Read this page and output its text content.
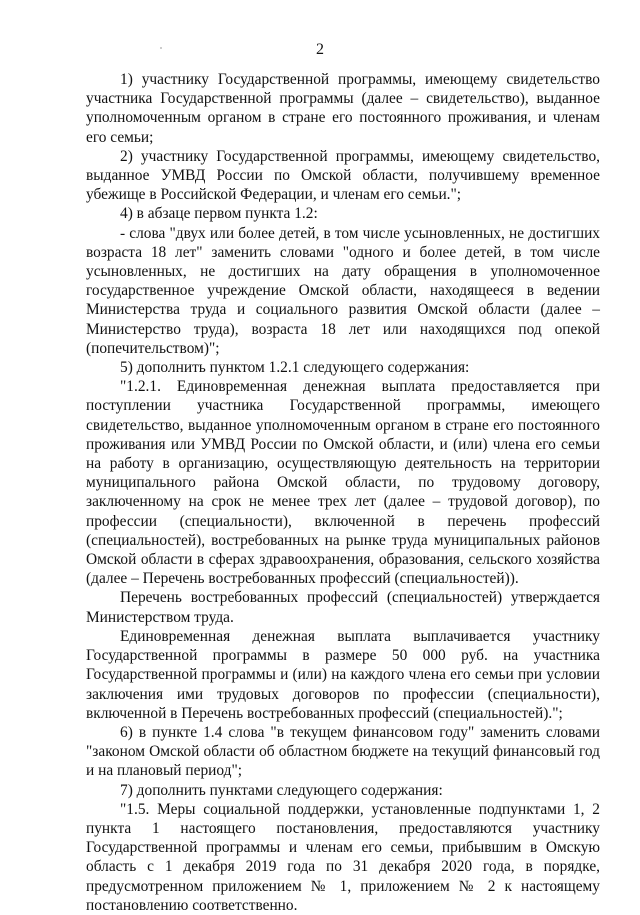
2

1) участнику Государственной программы, имеющему свидетельство участника Государственной программы (далее – свидетельство), выданное уполномоченным органом в стране его постоянного проживания, и членам его семьи;

2) участнику Государственной программы, имеющему свидетельство, выданное УМВД России по Омской области, получившему временное убежище в Российской Федерации, и членам его семьи.";

4) в абзаце первом пункта 1.2:

- слова "двух или более детей, в том числе усыновленных, не достигших возраста 18 лет" заменить словами "одного и более детей, в том числе усыновленных, не достигших на дату обращения в уполномоченное государственное учреждение Омской области, находящееся в ведении Министерства труда и социального развития Омской области (далее – Министерство труда), возраста 18 лет или находящихся под опекой (попечительством)";

5) дополнить пунктом 1.2.1 следующего содержания:

"1.2.1. Единовременная денежная выплата предоставляется при поступлении участника Государственной программы, имеющего свидетельство, выданное уполномоченным органом в стране его постоянного проживания или УМВД России по Омской области, и (или) члена его семьи на работу в организацию, осуществляющую деятельность на территории муниципального района Омской области, по трудовому договору, заключенному на срок не менее трех лет (далее – трудовой договор), по профессии (специальности), включенной в перечень профессий (специальностей), востребованных на рынке труда муниципальных районов Омской области в сферах здравоохранения, образования, сельского хозяйства (далее – Перечень востребованных профессий (специальностей)).

Перечень востребованных профессий (специальностей) утверждается Министерством труда.

Единовременная денежная выплата выплачивается участнику Государственной программы в размере 50 000 руб. на участника Государственной программы и (или) на каждого члена его семьи при условии заключения ими трудовых договоров по профессии (специальности), включенной в Перечень востребованных профессий (специальностей).";

6) в пункте 1.4 слова "в текущем финансовом году" заменить словами "законом Омской области об областном бюджете на текущий финансовый год и на плановый период";

7) дополнить пунктами следующего содержания:

"1.5. Меры социальной поддержки, установленные подпунктами 1, 2 пункта 1 настоящего постановления, предоставляются участнику Государственной программы и членам его семьи, прибывшим в Омскую область с 1 декабря 2019 года по 31 декабря 2020 года, в порядке, предусмотренном приложением № 1, приложением № 2 к настоящему постановлению соответственно.
